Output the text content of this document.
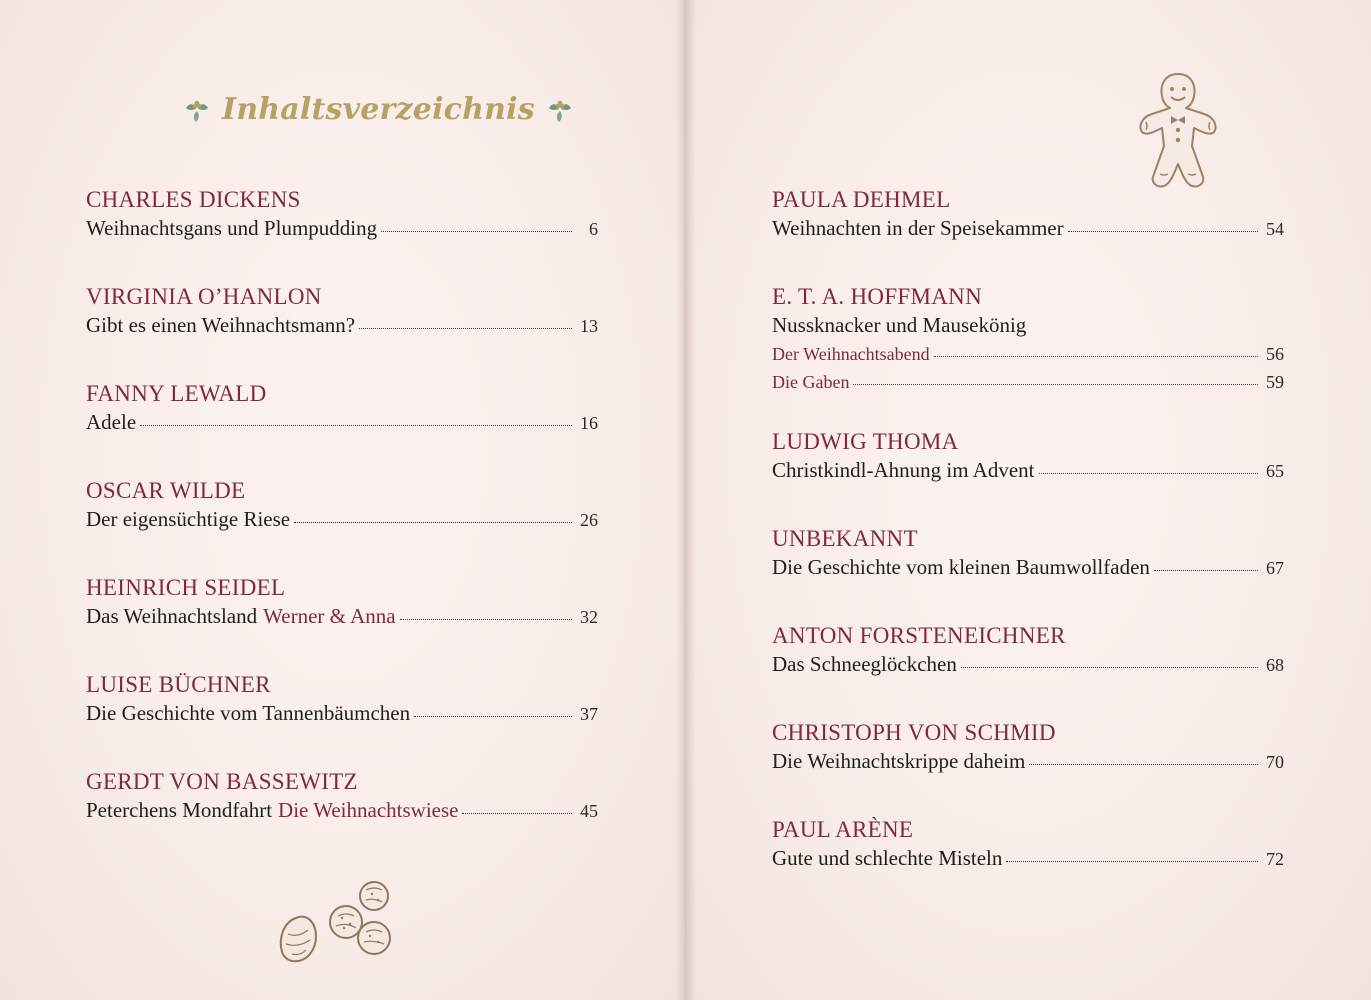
Inhaltsverzeichnis
CHARLES DICKENS
Weihnachtsgans und Plumpudding	6
VIRGINIA O’HANLON
Gibt es einen Weihnachtsmann?	13
FANNY LEWALD
Adele	16
OSCAR WILDE
Der eigensüchtige Riese	26
HEINRICH SEIDEL
Das Weihnachtsland Werner & Anna	32
LUISE BÜCHNER
Die Geschichte vom Tannenbäumchen	37
GERDT VON BASSEWITZ
Peterchens Mondfahrt Die Weihnachtswiese	45
PAULA DEHMEL
Weihnachten in der Speisekammer	54
E. T. A. HOFFMANN
Nussknacker und Mausekönig
Der Weihnachtsabend	56
Die Gaben	59
LUDWIG THOMA
Christkindl-Ahnung im Advent	65
UNBEKANNT
Die Geschichte vom kleinen Baumwollfaden	67
ANTON FORSTENEICHNER
Das Schneeglöckchen	68
CHRISTOPH VON SCHMID
Die Weihnachtskrippe daheim	70
PAUL ARÈNE
Gute und schlechte Misteln	72
